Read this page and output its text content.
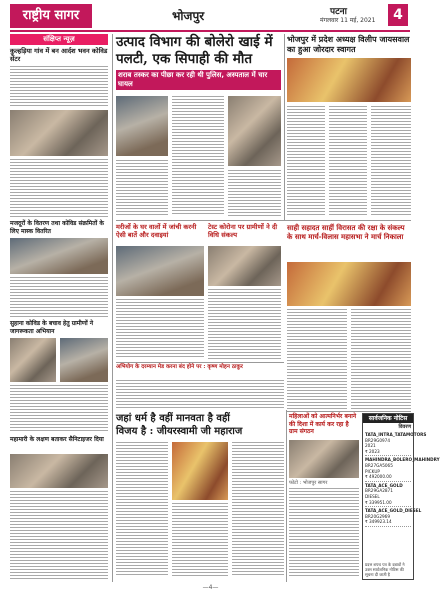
राष्ट्रीय सागर	भोजपुर	पटना
मंगलवार 11 मई, 2021	4
संक्षिप्त न्यूज़
कुल्हड़िया गांव में बन आर्दश भवन कोविड सेंटर
मजदूरों के वितरण तथा कोविड संक्रमितों के लिए मास्क वितरित
सुहाना कोविड के बचाव हेतु ग्रामीणों ने जागरूकता अभियान
महामारी के लक्षण बताकर सैनिटाइजर दिया
उत्पाद विभाग की बोलेरो खाई में पलटी, एक सिपाही की मौत
शराब तस्कर का पीछा कर रही थी पुलिस, अस्पताल में चार घायल
भोजपुर में प्रदेश अध्यक्ष विलीप जायसवाल का हुआ जोरदार स्वागत
मरीजों के घर वालों में जांची करनी ऐसी बातें और दवाइयां
टेस्ट कोरोना पर ग्रामीणों ने दी विधि संकल्प
साही सहादत साहीं विरासत की रक्षा के संकल्प के साथ मार्च-विलास महासभा ने मार्च निकाला
अभियोग के दरम्यान मेड करना बंद होने पर : कृष्ण मोहन ठाकुर
जहां धर्म है वहीं मानवता है वहीं
विजय है : जीयरस्वामी जी महाराज
महिलाओं को आत्मनिर्भर बनाने की दिशा में कार्य कर रहा है ग्राम संगठन
फोटो : भोजपुर सागर
सार्वजनिक नोटिस
विवरण
TATA_INTRA_TATAMOTORS
BR29G0974
2021
₹ 2023
MAHINDRA_BOLERO_MAHINDRY
BR27GA5065
PICKUP
₹ 492000.00
TATA_ACE_GOLD
BR29GA2871
DIESEL
₹ 339951.00
TATA_ACE_GOLD_DIESEL
BR20G2969
₹ 349923.14
प्रदत्त शपथ पत्र के दबावों ने उक्त सार्वजनिक नोटिस की सूचना दी जाती है
—4—
